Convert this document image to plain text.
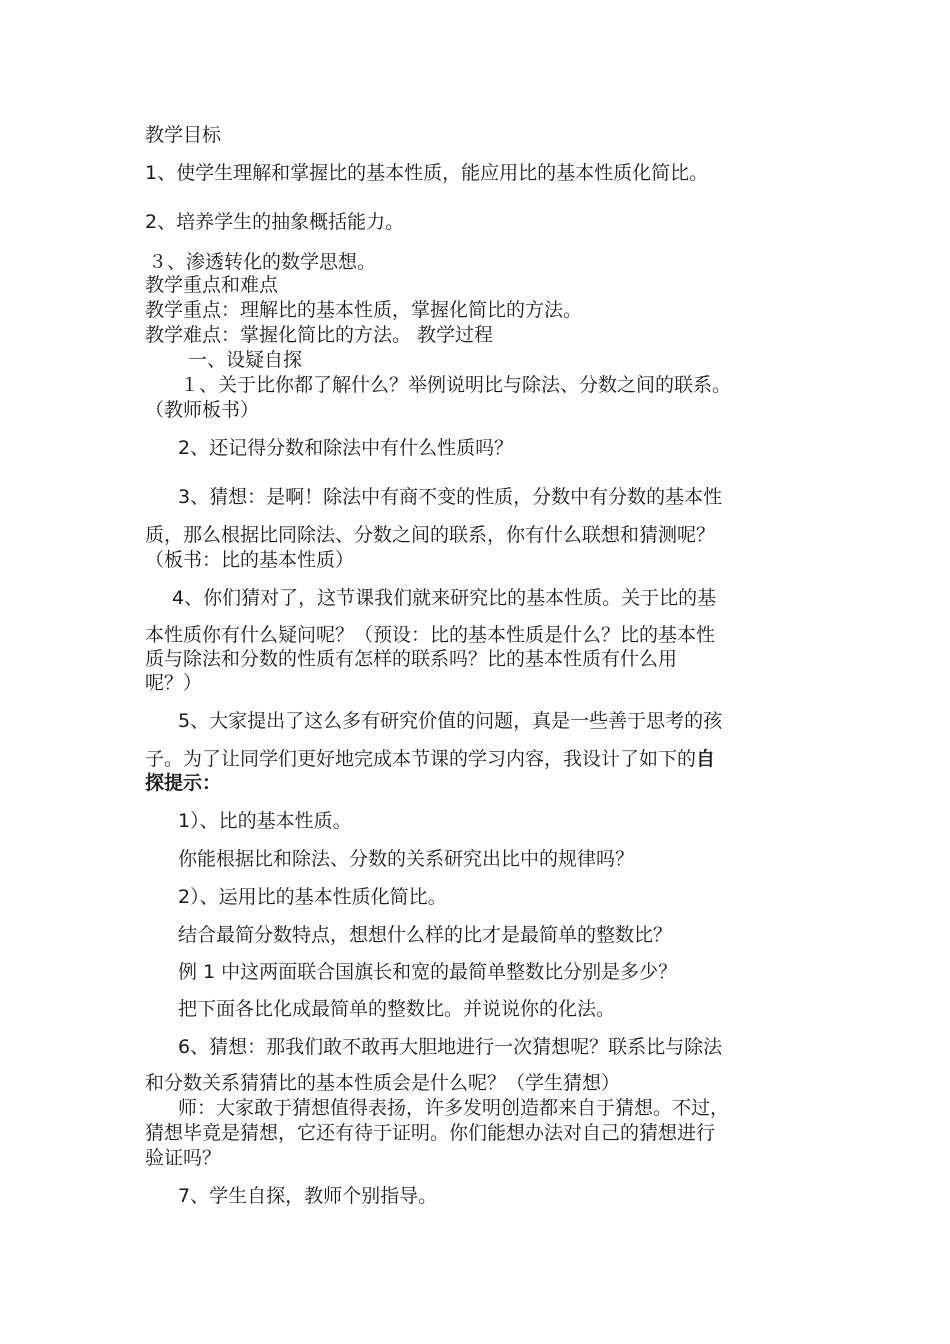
教学目标
1、使学生理解和掌握比的基本性质，能应用比的基本性质化简比。
2、培养学生的抽象概括能力。
３、渗透转化的数学思想。
教学重点和难点
教学重点：理解比的基本性质，掌握化简比的方法。
教学难点：掌握化简比的方法。 教学过程
一、设疑自探
１、关于比你都了解什么？举例说明比与除法、分数之间的联系。
（教师板书）
2、还记得分数和除法中有什么性质吗？
3、猜想：是啊！除法中有商不变的性质，分数中有分数的基本性
质，那么根据比同除法、分数之间的联系，你有什么联想和猜测呢？
（板书：比的基本性质）
4、你们猜对了，这节课我们就来研究比的基本性质。关于比的基
本性质你有什么疑问呢？（预设：比的基本性质是什么？比的基本性
质与除法和分数的性质有怎样的联系吗？比的基本性质有什么用
呢？）
5、大家提出了这么多有研究价值的问题，真是一些善于思考的孩
子。为了让同学们更好地完成本节课的学习内容，我设计了如下的自
探提示：
1）、比的基本性质。
你能根据比和除法、分数的关系研究出比中的规律吗？
2）、运用比的基本性质化简比。
结合最简分数特点，想想什么样的比才是最简单的整数比？
例 1 中这两面联合国旗长和宽的最简单整数比分别是多少？
把下面各比化成最简单的整数比。并说说你的化法。
6、猜想：那我们敢不敢再大胆地进行一次猜想呢？联系比与除法
和分数关系猜猜比的基本性质会是什么呢？（学生猜想）
师：大家敢于猜想值得表扬，许多发明创造都来自于猜想。不过，
猜想毕竟是猜想，它还有待于证明。你们能想办法对自己的猜想进行
验证吗？
7、学生自探，教师个别指导。
